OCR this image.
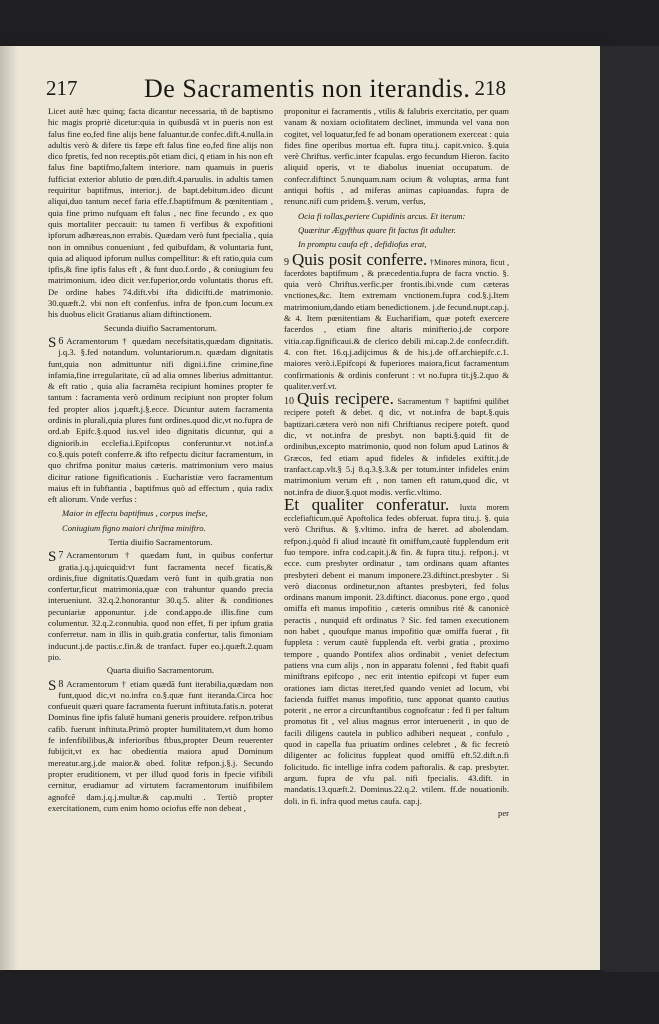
217	De Sacramentis non iterandis. 218

Licet autē hæc quinq; facta dicantur necessaria, tñ de baptismo hic magis propriè dicetur:quia in quibusdā vt in pueris non est falus fine eo,fed fine alijs bene faluantur.de confec.dift.4.nulla.in adultis verò & difere tis fæpe eft falus fine eo,fed fine alijs non dico fpretis, fed non receptis.pōt etiam dici, q̄ etiam in his non eft falus fine baptifmo,faltem interiore. nam quamuis in pueris fufficiat exterior ablutio de pœn.dift.4.paruulis. in adultis tamen requiritur baptifmus, interior.j. de bapt.debitum.ideo dicunt aliqui,duo tantum necef faria effe.f.baptifmum & pœnitentiam , quia fine primo nufquam eft falus , nec fine fecundo , ex quo quis mortaliter peccauit: tu tamen fi verfibus & expofitioni ipforum adhæreas,non errabis. Quædam verò funt fpecialia , quia non in omnibus conueniunt , fed quibufdam, & voluntaria funt, quia ad aliquod ipforum nullus compellitur: & eft ratio,quia cum ipfis,& fine ipfis falus eft , & funt duo.f.ordo , & coniugium feu matrimonium. ideo dicit ver.fuperior,ordo voluntatis thorus eft. De ordine habes 74.dift.vbi ifta didicifti.de matrimonio. 30.quæft.2. vbi non eft confenfus. infra de fpon.cum locum.ex his duobus elicit Gratianus aliam diftinctionem.

Secunda diuifio Sacramentorum.

6
S Acramentorum † quædam necefsitatis,quædam dignitatis. j.q.3. §.fed notandum. voluntariorum.n. quædam dignitatis funt,quia non admittuntur nifi digni.i.fine crimine,fine infamia,fine irregularitate, cū ad alia omnes liberius admittantur. & eft ratio , quia alia facramēta recipiunt homines propter fe tantum : facramenta verò ordinum recipiunt non propter folum fed propter alios j.quæft.j.§.ecce. Dicuntur autem facramenta ordinis in plurali,quia plures funt ordines.quod dic,vt no.fupra de ord.ab Epifc.§.quod ius.vel ideo dignitatis dicuntur, qui a digniorib.in ecclefia.i.Epifcopus conferuntur.vt not.inf.a co.§.quis poteft conferre.& ifto refpectu dicitur facramentum, in quo chrifma ponitur maius cæteris. matrimonium vero maius dicitur ratione fignificationis . Eucharistiæ vero facramentum maius eft in fubftantia , baptifmus quò ad effectum , quia radix eft aliorum. Vnde verfus :

Maior in effectu baptifmus , corpus inefse,

Coniugium figno maiori chrifma miniftro.

Tertia diuifio Sacramentorum.

7
S Acramentorum † quædam funt, in quibus confertur gratia.j.q.j.quicquid:vt funt facramenta necef ficatis,& ordinis,fiue dignitatis.Quædam verò funt in quib.gratia non confertur,ficut matrimonia,quæ con trahuntur quando precia interueniunt. 32.q.2.honorantur 30.q.5. aliter & conditiones pecuniariæ apponuntur. j.de cond.appo.de illis.fine cum columentur. 32.q.2.connubia. quod non effet, fi per ipfum gratia conferretur. nam in illis in quib.gratia confertur, talis fimoniam inducunt.j.de pactis.c.fin.& de tranfact. fuper eo.j.quæft.2.quam pio.

Quarta diuifio Sacramentorum.

8
S Acramentorum † etiam quædā funt iterabilia,quædam non funt,quod dic,vt no.infra co.§.quæ funt iteranda.Circa hoc confueuit quæri quare facramenta fuerunt inftituta.fatis.n. poterat Dominus fine ipfis falutē humani generis prouidere. refpon.tribus cafib. fuerunt inftituta.Primò propter humilitatem,vt dum homo fe infenfibilibus,& inferioribus ftbus,propter Deum reuerenter fubijcit,vt ex hac obedientia maiora apud Dominum mereatur.arg.j.de maior.& obed. folitæ refpon.j.§.j. Secundo propter eruditionem, vt per illud quod foris in fpecie vifibili cernitur, erudiamur ad virtutem facramentorum inuifibilem agnofcē dam.j.q.j.multæ.& cap.multi . Tertiò propter exercitationem, cum enim homo ociofus effe non debeat ,

proponitur ei facramentis , vtilis & falubris exercitatio, per quam vanam & noxiam ociofitatem declinet, immunda vel vana non cogitet, vel loquatur,fed fe ad bonam operationem exerceat : quia fides fine operibus mortua eft. fupra titu.j. capit.vnico. §.quia verè Chriftus. verfic.inter fcapulas. ergo fecundum Hieron. facito aliquid operis, vt te diabolus inueniat occupatum. de confecr.diftinct 5.nunquam.nam ocium & voluptas, arma funt antiqui hoftis , ad miferas animas capiuandas. fupra de renunc.nifi cum pridem.§. verum, verfus,

Ocia fi tollas,periere Cupidinis arcus. Et iterum:

Quæritur Ægyfthus quare fit factus fit adulter.

In promptu caufa eft , defidiofus erat,

9 Quis posit conferre. †Minores minora, ficut , facerdotes baptifmum , & præcedentia.fupra de facra vnctio. §. quia verò Chriftus.verfic.per frontis.ibi.vnde cum cæteras vnctiones,&c. Item extremam vnctionem.fupra cod.§.j.Item matrimonium,dando etiam benedictionem. j.de fecund.nupt.cap.j. & 4. Item pœnitentiam & Eucharifiam, quæ poteft exercere facerdos , etiam fine altaris minifterio.j.de corpore vitia.cap.fignificaui.& de clerico debili mi.cap.2.de confecr.dift. 4. con ftet. 16.q.j.adijcimus & de his.j.de off.archiepifc.c.1. maiores verò.i.Epifcopi & fuperiores maiora,ficut facramentum confirmationis & ordinis conferunt : vt no.fupra tit.j§.2.quo & qualiter.verf.vt.

10 Quis recipere. Sacramentum † baptifmi quilibet recipere poteft & debet. q̄ dic, vt not.infra de bapt.§.quis baptizari.cætera verò non nifi Chriftianus recipere poteft. quod dic, vt not.infra de presbyt. non bapti.§.quid fit de ordinibus,excepto matrimonio, quod non folum apud Latinos & Græcos, fed etiam apud fideles & infideles exiftit.j.de tranfact.cap.vlt.§ 5.j 8.q.3.§.3.& per totum.inter infideles enim matrimonium verum eft , non tamen eft ratum,quod dic, vt not.infra de diuor.§.quot modis. verfic.vltimo.

Et qualiter conferatur. Iuxta morem ecclefiafticum,quē Apoftolica fedes obferuat. fupra titu.j. §. quia verò Chriftus. & §.vltimo. infra de hæret. ad abolendam. refpon.j.quòd fi aliud incautè fit omiffum,cautè fupplendum erit fuo tempore. infra cod.capit.j.& fin. & fupra titu.j. refpon.j. vt ecce. cum presbyter ordinatur , tam ordinans quam aftantes presbyteri debent ei manum imponere.23.diftinct.presbyter . Si verò diaconus ordinetur,non aftantes presbyteri, fed folus ordinans manum imponit. 23.diftinct. diaconus. pone ergo , quod omiffa eft manus impofitio , cæteris omnibus ritè & canonicè peractis , nunquid eft ordinatus ? Sic. fed tamen executionem non habet , quoufque manus impofitio quæ omiffa fuerat , fit fuppleta : verum cautè fupplenda eft. verbi gratia , proximo tempore , quando Pontifex alios ordinabit , veniet defectum patiens vna cum alijs , non in apparatu folenni , fed ftabit quafi miniftrans epifcopo , nec erit intentio epifcopi vt fuper eum orationes iam dictas iteret,fed quando veniet ad locum, vbi facienda fuiffet manus impofitio, tunc apponat quanto cautius poterit , ne error a circunftantibus cognofcatur : fed fi per faltum promotus fit , vel alius magnus error interuenerit , in quo de facili diligens cautela in publico adhiberi nequeat , confulo , quod in capella fua priuatim ordines celebret , & fic fecretò diligenter ac folicitus fuppleat quod omiffū eft.52.dift.n.fi folicitudo. fic intellige infra codem paftoralis. & cap. presbyter. argum. fupra de vfu pal. nifi fpecialis. 43.dift. in mandatis.13.quæft.2. Dominus.22.q.2. vtilem. ff.de nouationib. doli. in fi. infra quod metus caufa. cap.j.

per
